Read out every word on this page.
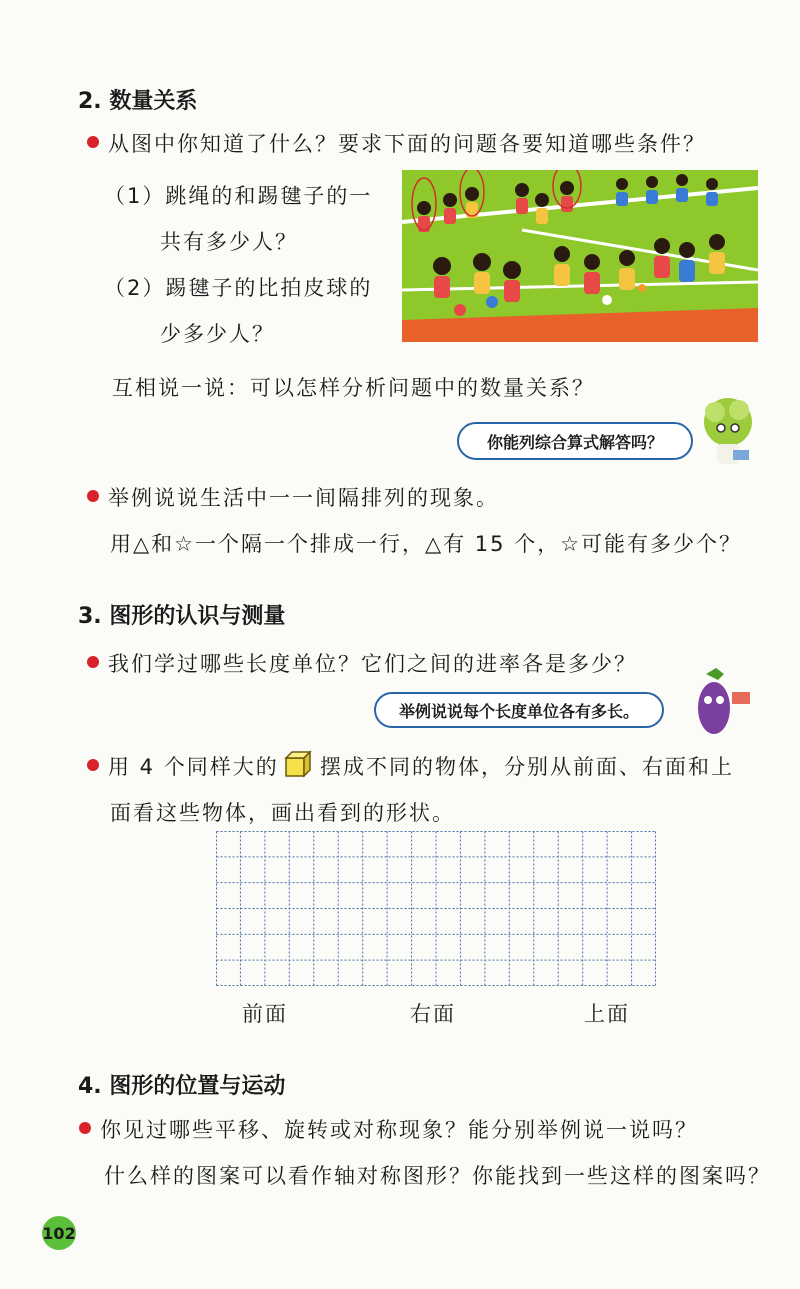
2. 数量关系
从图中你知道了什么？要求下面的问题各要知道哪些条件？
（1）跳绳的和踢毽子的一
共有多少人？
（2）踢毽子的比拍皮球的
少多少人？
互相说一说：可以怎样分析问题中的数量关系？
你能列综合算式解答吗？
举例说说生活中一一间隔排列的现象。
用△和☆一个隔一个排成一行，△有 15 个，☆可能有多少个？
3. 图形的认识与测量
我们学过哪些长度单位？它们之间的进率各是多少？
举例说说每个长度单位各有多长。
用 4 个同样大的 摆成不同的物体，分别从前面、右面和上
面看这些物体，画出看到的形状。
前面	右面	上面
4. 图形的位置与运动
你见过哪些平移、旋转或对称现象？能分别举例说一说吗？
什么样的图案可以看作轴对称图形？你能找到一些这样的图案吗？
102
